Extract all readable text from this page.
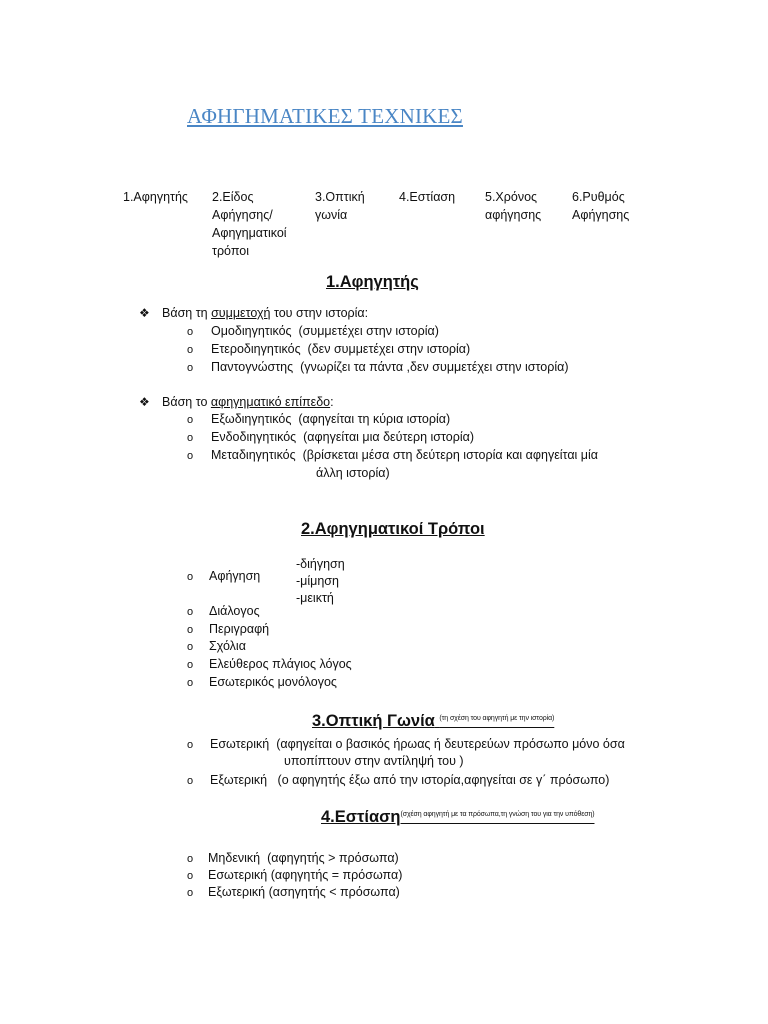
ΑΦΗΓΗΜΑΤΙΚΕΣ ΤΕΧΝΙΚΕΣ
1.Αφηγητής 2.Είδος
Αφήγησης/
Αφηγηματικοί
τρόποι
3.Οπτική
γωνία
4.Εστίαση 5.Χρόνος
αφήγησης
6.Ρυθμός
Αφήγησης
1.Αφηγητής
❖ Βάση τη συμμετοχή του στην ιστορία:
o Ομοδιηγητικός (συμμετέχει στην ιστορία)
o Ετεροδιηγητικός (δεν συμμετέχει στην ιστορία)
o Παντογνώστης (γνωρίζει τα πάντα ,δεν συμμετέχει στην ιστορία)
❖ Βάση το αφηγηματικό επίπεδο:
o Εξωδιηγητικός (αφηγείται τη κύρια ιστορία)
o Ενδοδιηγητικός (αφηγείται μια δεύτερη ιστορία)
o Μεταδιηγητικός (βρίσκεται μέσα στη δεύτερη ιστορία και αφηγείται μία
άλλη ιστορία)
2.Αφηγηματικοί Τρόποι
-διήγηση
o Αφήγηση	-μίμηση
-μεικτή
o Διάλογος
o Περιγραφή
o Σχόλια
o Ελεύθερος πλάγιος λόγος
o Εσωτερικός μονόλογος
3.Οπτική Γωνία $^{(\tau\eta \sigma\chi έ\sigma\eta \tau o\upsilon \alpha\varphi\eta\gamma\eta\tau ή \mu\varepsilon \tau\eta\nu \iota\sigma\tau o\rho ί\alpha)}$
o Εσωτερική (αφηγείται ο βασικός ήρωας ή δευτερεύων πρόσωπο μόνο όσα
υποπίπτουν στην αντίληψή του )
o Εξωτερική (ο αφηγητής έξω από την ιστορία,αφηγείται σε γ΄ πρόσωπο)
4.Εστίαση$^{(\sigma\chi έ\sigma\eta \alpha\varphi\eta\gamma\eta\tau ή \mu\varepsilon \tau\alpha \pi\rho ό\sigma\omega\pi\alpha,\tau\eta \gamma\nu ώ\sigma\eta \tau o\upsilon \gamma\iota\alpha \tau\eta\nu \upsilon\pi ό\theta\varepsilon\sigma\eta)}$
o Μηδενική (αφηγητής > πρόσωπα)
o Εσωτερική (αφηγητής = πρόσωπα)
o Εξωτερική (ασηγητής < πρόσωπα)
